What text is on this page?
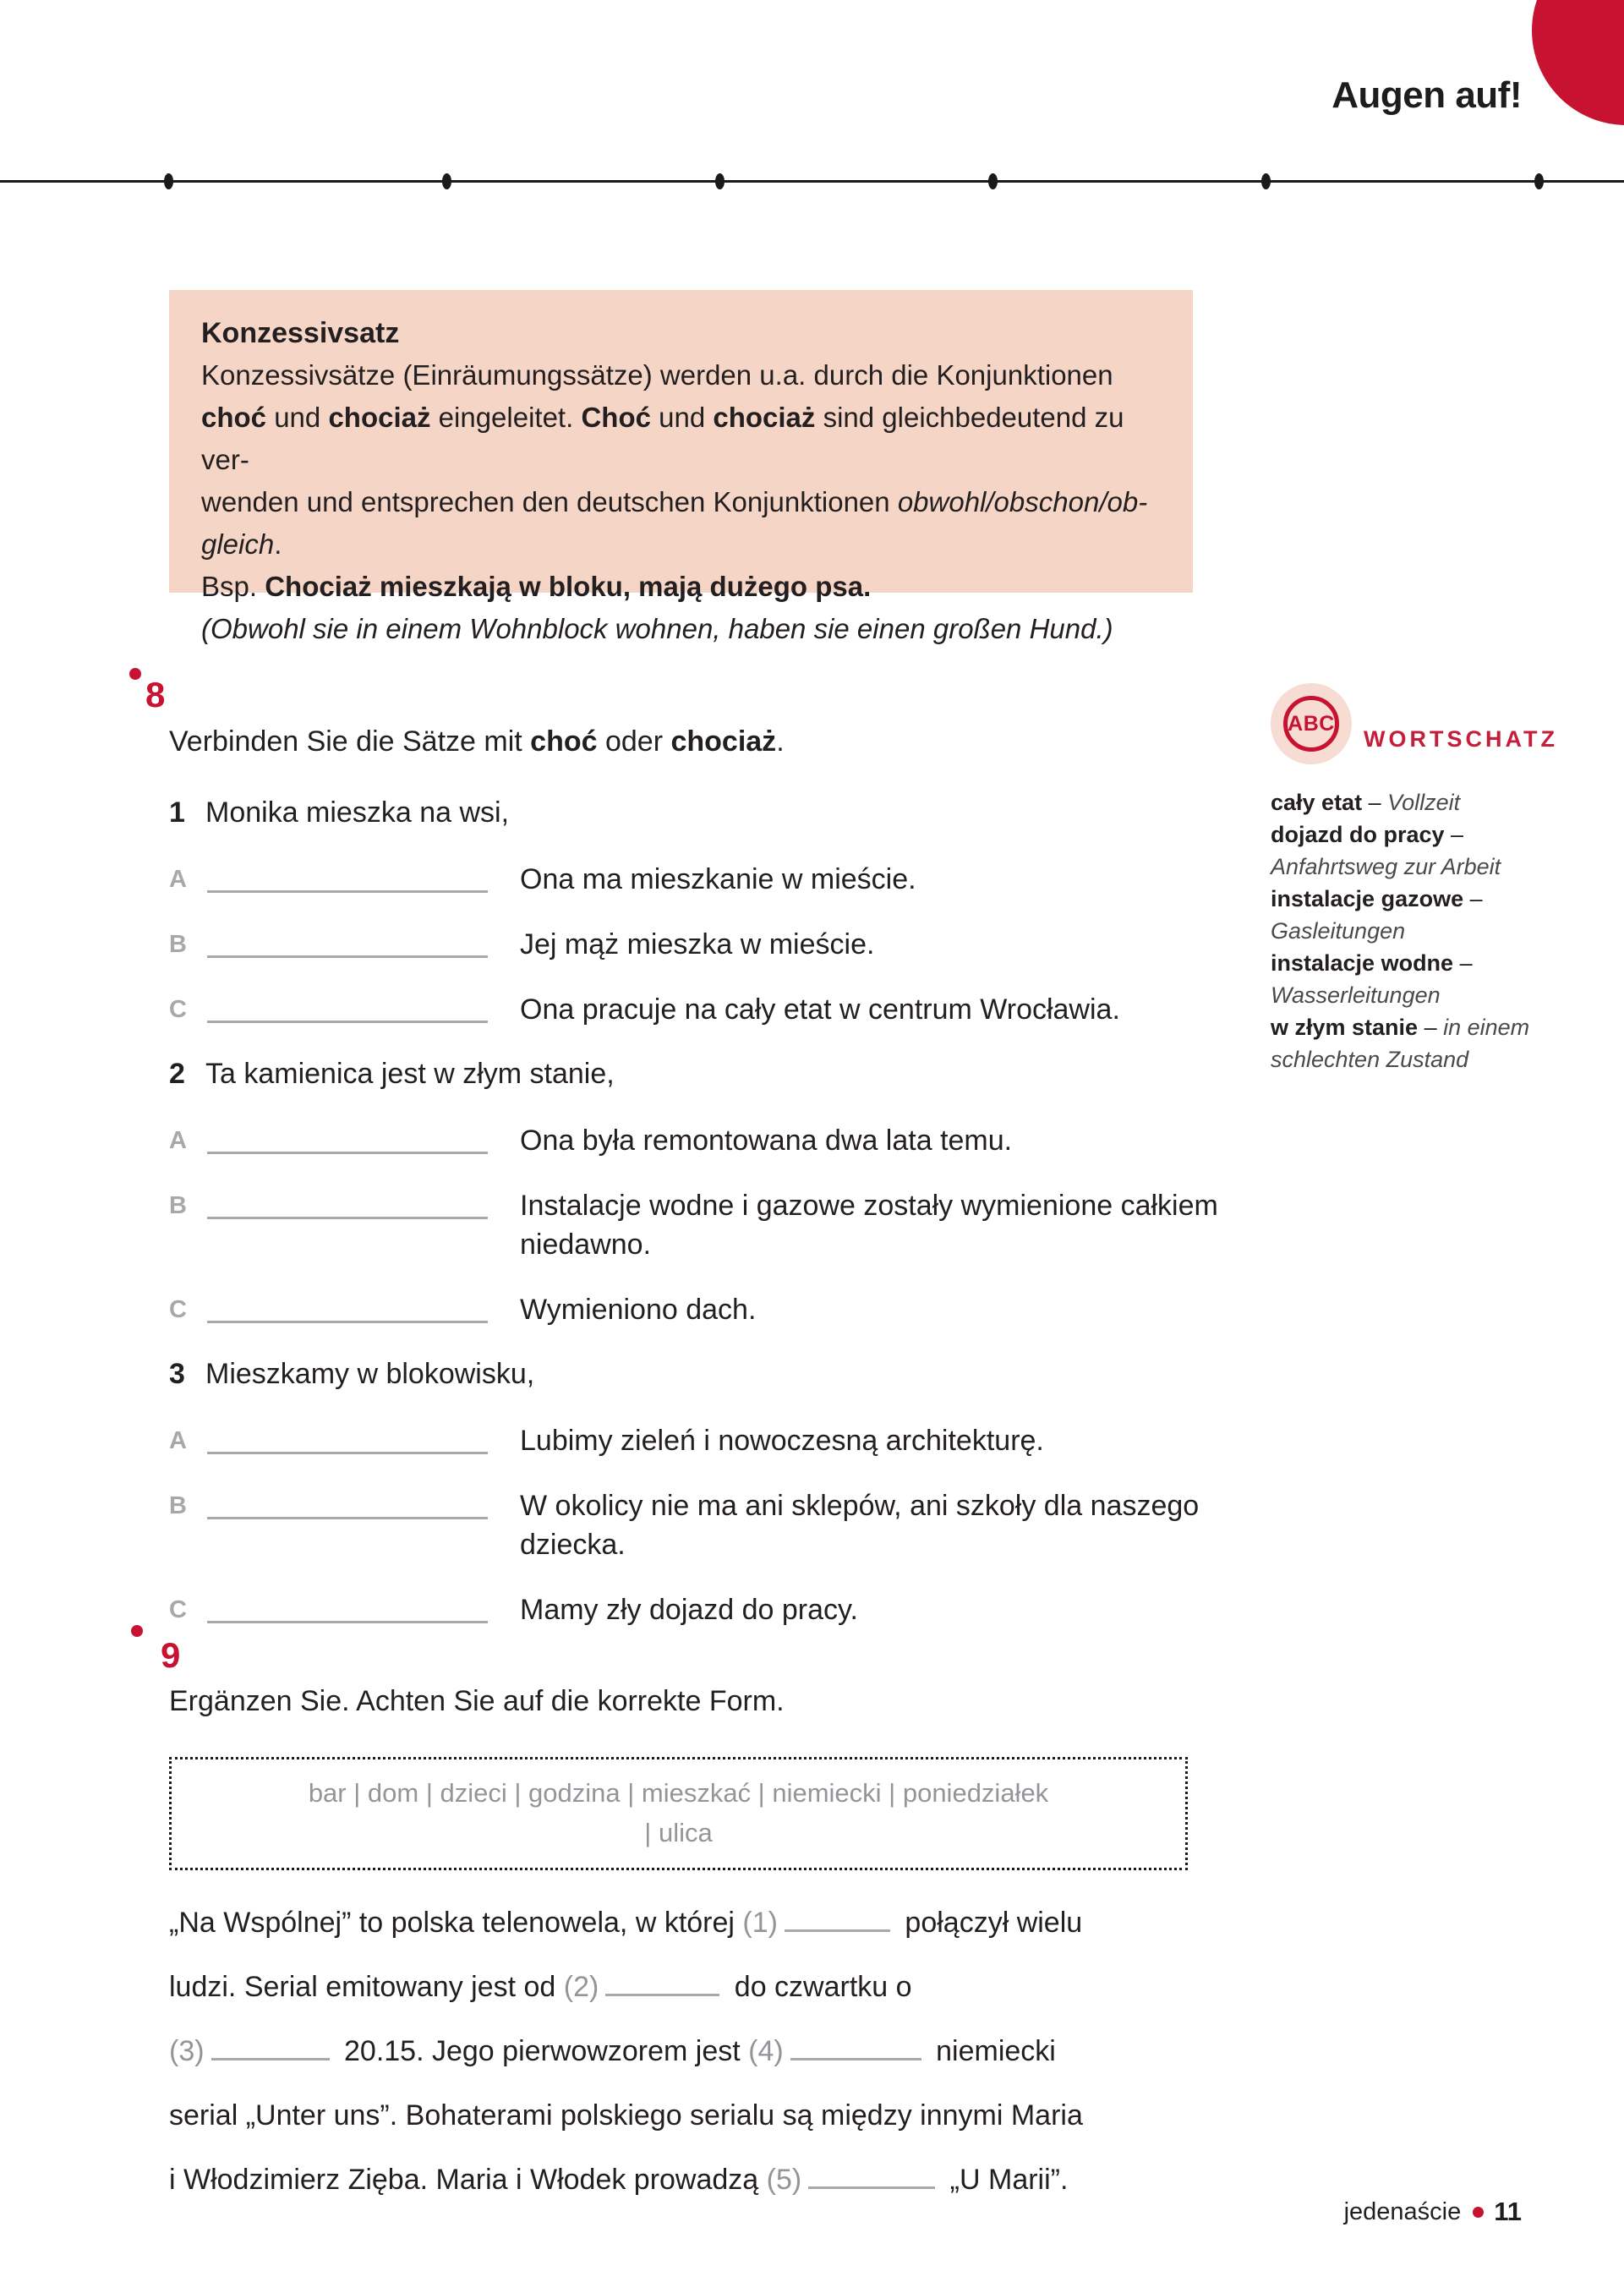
Augen auf!
Konzessivsatz
Konzessivsätze (Einräumungssätze) werden u.a. durch die Konjunktionen
choć und chociaż eingeleitet. Choć und chociaż sind gleichbedeutend zu ver-
wenden und entsprechen den deutschen Konjunktionen obwohl/obschon/ob-
gleich.
Bsp. Chociaż mieszkają w bloku, mają dużego psa.
(Obwohl sie in einem Wohnblock wohnen, haben sie einen großen Hund.)
8
Verbinden Sie die Sätze mit choć oder chociaż.
1 Monika mieszka na wsi,
A	Ona ma mieszkanie w mieście.
B	Jej mąż mieszka w mieście.
C	Ona pracuje na cały etat w centrum Wrocławia.
2 Ta kamienica jest w złym stanie,
A	Ona była remontowana dwa lata temu.
B	Instalacje wodne i gazowe zostały wymienione całkiem niedawno.
C	Wymieniono dach.
3 Mieszkamy w blokowisku,
A	Lubimy zieleń i nowoczesną architekturę.
B	W okolicy nie ma ani sklepów, ani szkoły dla naszego dziecka.
C	Mamy zły dojazd do pracy.
ABC
WORTSCHATZ
cały etat – Vollzeit
dojazd do pracy – Anfahrtsweg zur Arbeit
instalacje gazowe – Gasleitungen
instalacje wodne – Wasserleitungen
w złym stanie – in einem schlechten Zustand
9
Ergänzen Sie. Achten Sie auf die korrekte Form.
bar | dom | dzieci | godzina | mieszkać | niemiecki | poniedziałek
| ulica
„Na Wspólnej” to polska telenowela, w której (1)	połączył wielu
ludzi. Serial emitowany jest od (2)	do czwartku o
(3)	20.15. Jego pierwowzorem jest (4)	niemiecki
serial „Unter uns”. Bohaterami polskiego serialu są między innymi Maria
i Włodzimierz Zięba. Maria i Włodek prowadzą (5)	„U Marii”.
jedenaście 11
